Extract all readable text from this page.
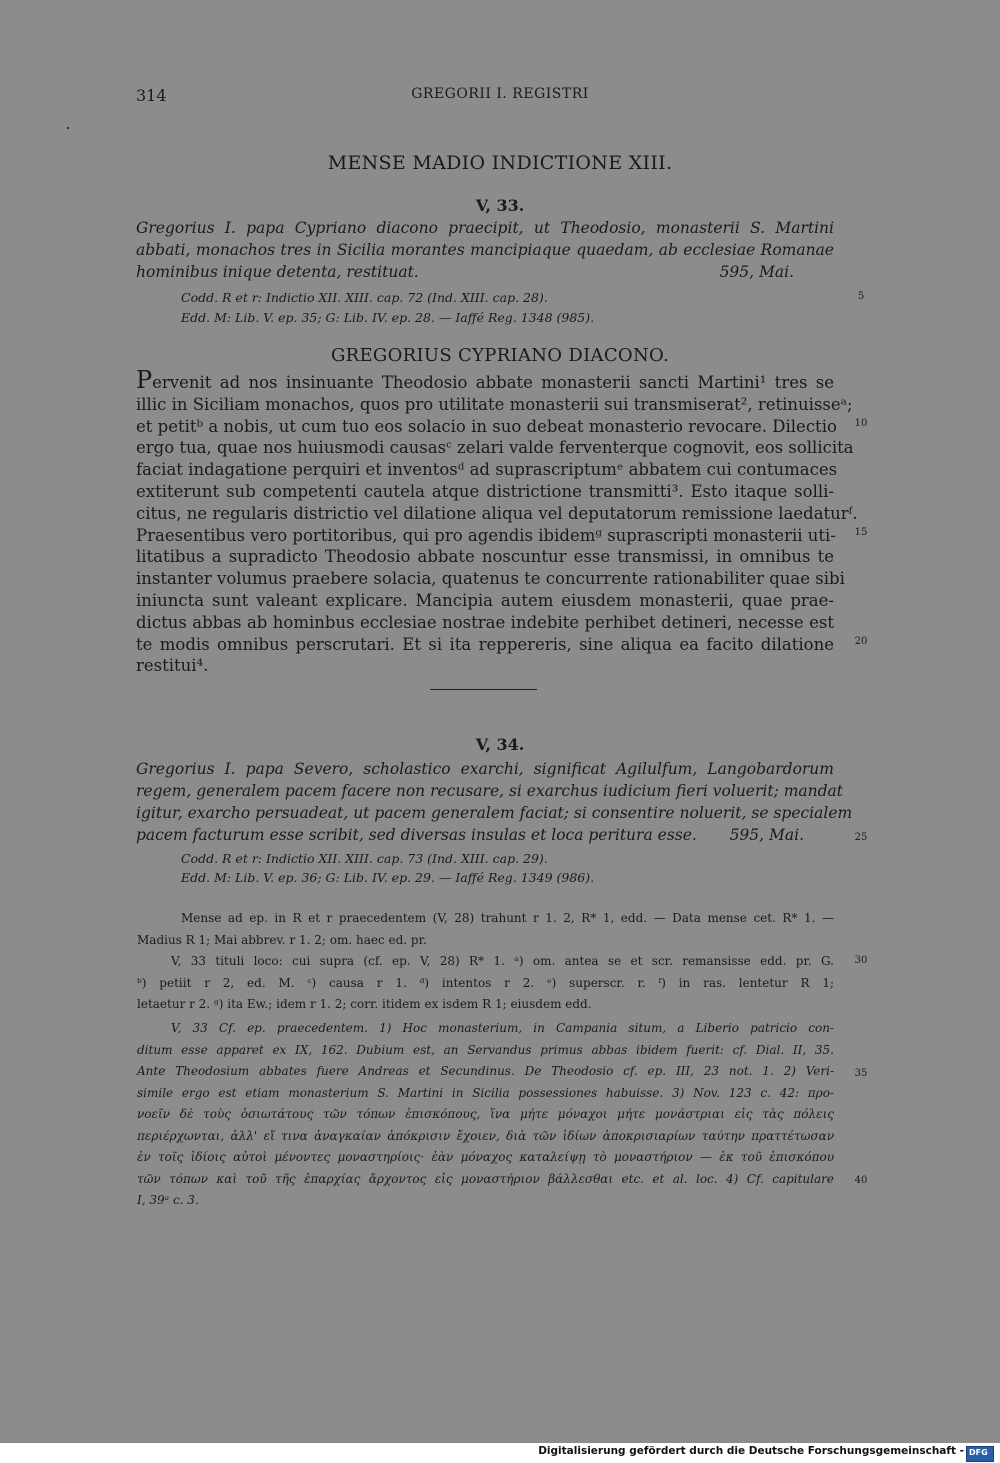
314	GREGORII I. REGISTRI
MENSE MADIO INDICTIONE XIII.
V, 33.
Gregorius I. papa Cypriano diacono praecipit, ut Theodosio, monasterii S. Martini
abbati, monachos tres in Sicilia morantes mancipiaque quaedam, ab ecclesiae Romanae
hominibus inique detenta, restituat.	595, Mai.
Codd. R et r: Indictio XII. XIII. cap. 72 (Ind. XIII. cap. 28).
Edd. M: Lib. V. ep. 35; G: Lib. IV. ep. 28. — Iaffé Reg. 1348 (985).
GREGORIUS CYPRIANO DIACONO.
Pervenit ad nos insinuante Theodosio abbate monasterii sancti Martini¹ tres se
illic in Siciliam monachos, quos pro utilitate monasterii sui transmiserat², retinuisseᵃ;
et petitᵇ a nobis, ut cum tuo eos solacio in suo debeat monasterio revocare. Dilectio
ergo tua, quae nos huiusmodi causasᶜ zelari valde ferventerque cognovit, eos sollicita
faciat indagatione perquiri et inventosᵈ ad suprascriptumᵉ abbatem cui contumaces
extiterunt sub competenti cautela atque districtione transmitti³. Esto itaque solli-
citus, ne regularis districtio vel dilatione aliqua vel deputatorum remissione laedaturᶠ.
Praesentibus vero portitoribus, qui pro agendis ibidemᵍ suprascripti monasterii uti-
litatibus a supradicto Theodosio abbate noscuntur esse transmissi, in omnibus te
instanter volumus praebere solacia, quatenus te concurrente rationabiliter quae sibi
iniuncta sunt valeant explicare. Mancipia autem eiusdem monasterii, quae prae-
dictus abbas ab hominbus ecclesiae nostrae indebite perhibet detineri, necesse est
te modis omnibus perscrutari. Et si ita reppereris, sine aliqua ea facito dilatione
restitui⁴.
V, 34.
Gregorius I. papa Severo, scholastico exarchi, significat Agilulfum, Langobardorum
regem, generalem pacem facere non recusare, si exarchus iudicium fieri voluerit; mandat
igitur, exarcho persuadeat, ut pacem generalem faciat; si consentire noluerit, se specialem
pacem facturum esse scribit, sed diversas insulas et loca peritura esse. 595, Mai.
Codd. R et r: Indictio XII. XIII. cap. 73 (Ind. XIII. cap. 29).
Edd. M: Lib. V. ep. 36; G: Lib. IV. ep. 29. — Iaffé Reg. 1349 (986).
Mense ad ep. in R et r praecedentem (V, 28) trahunt r 1. 2, R* 1, edd. — Data mense cet. R* 1. —
Madius R 1; Mai abbrev. r 1. 2; om. haec ed. pr.
V, 33 tituli loco: cui supra (cf. ep. V, 28) R* 1. ᵃ) om. antea se et scr. remansisse edd. pr. G.
ᵇ) petiit r 2, ed. M. ᶜ) causa r 1. ᵈ) intentos r 2. ᵉ) superscr. r. ᶠ) in ras. lentetur R 1;
letaetur r 2. ᵍ) ita Ew.; idem r 1. 2; corr. itidem ex isdem R 1; eiusdem edd.
V, 33 Cf. ep. praecedentem. 1) Hoc monasterium, in Campania situm, a Liberio patricio con-
ditum esse apparet ex IX, 162. Dubium est, an Servandus primus abbas ibidem fuerit: cf. Dial. II, 35.
Ante Theodosium abbates fuere Andreas et Secundinus. De Theodosio cf. ep. III, 23 not. 1. 2) Veri-
simile ergo est etiam monasterium S. Martini in Sicilia possessiones habuisse. 3) Nov. 123 c. 42: προ-
νοεῖν δὲ τοὺς ὁσιωτάτους τῶν τόπων ἐπισκόπους, ἵνα μήτε μόναχοι μήτε μονάστριαι εἰς τὰς πόλεις
περιέρχωνται, ἀλλ' εἴ τινα ἀναγκαίαν ἀπόκρισιν ἔχοιεν, διὰ τῶν ἰδίων ἀποκρισιαρίων ταύτην πραττέτωσαν
ἐν τοῖς ἰδίοις αὐτοὶ μένοντες μοναστηρίοις· ἐὰν μόναχος καταλείψῃ τὸ μοναστήριον — ἐκ τοῦ ἐπισκόπου
τῶν τόπων καὶ τοῦ τῆς ἐπαρχίας ἄρχοντος εἰς μοναστήριον βάλλεσθαι etc. et al. loc. 4) Cf. capitulare
I, 39ᵃ c. 3.
5
10
15
20
25
30
35
40
Digitalisierung gefördert durch die Deutsche Forschungsgemeinschaft - DFG
